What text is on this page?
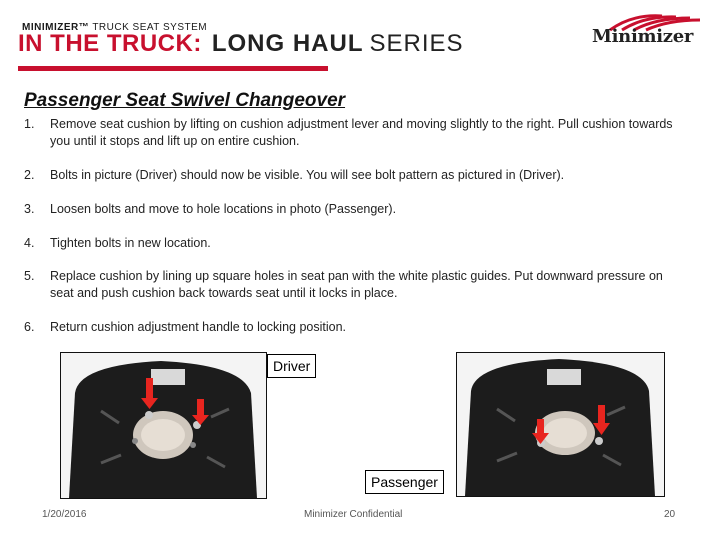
MINIMIZER™ TRUCK SEAT SYSTEM
IN THE TRUCK: LONG HAUL SERIES	Minimizer
Passenger Seat Swivel Changeover
1.	Remove seat cushion by lifting on cushion adjustment lever and moving slightly to the right. Pull cushion towards you until it stops and lift up on entire cushion.
2.	Bolts in picture (Driver) should now be visible. You will see bolt pattern as pictured in (Driver).
3.	Loosen bolts and move to hole locations in photo (Passenger).
4.	Tighten bolts in new location.
5.	Replace cushion by lining up square holes in seat pan with the white plastic guides. Put downward pressure on seat and push cushion back towards seat until it locks in place.
6.	Return cushion adjustment handle to locking position.
Driver
Passenger
1/20/2016	Minimizer Confidential	20
